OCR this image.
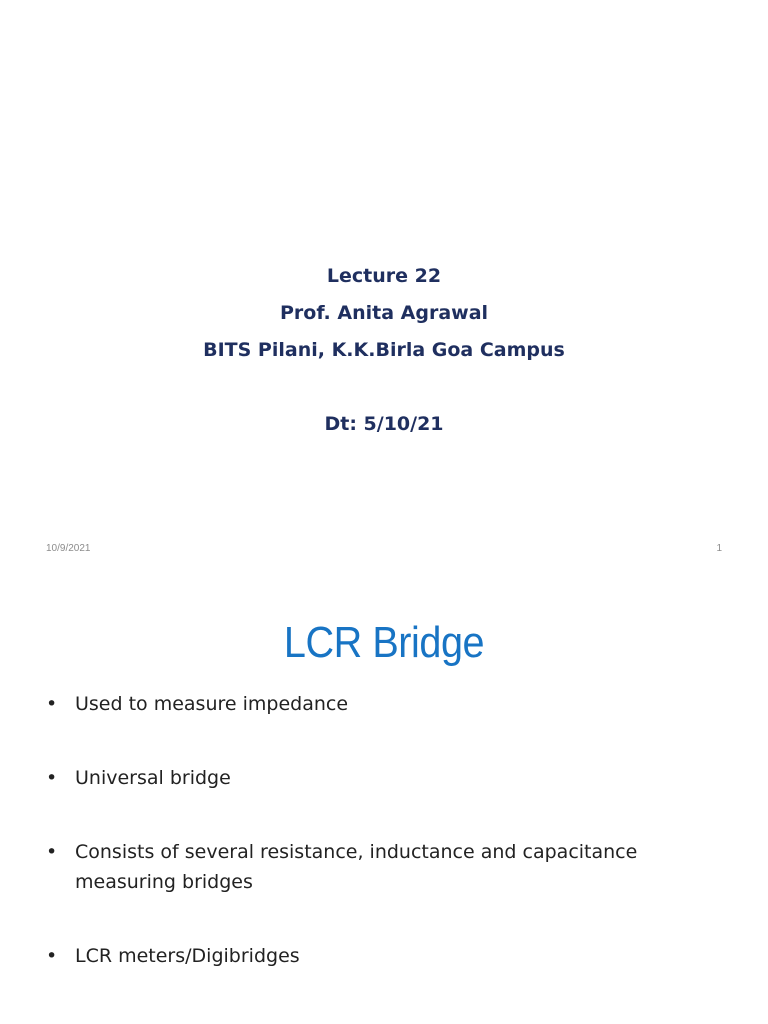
Lecture 22
Prof. Anita Agrawal
BITS Pilani, K.K.Birla Goa Campus
Dt: 5/10/21
10/9/2021	1
LCR Bridge
• Used to measure impedance
• Universal bridge
• Consists of several resistance, inductance and capacitance measuring bridges
• LCR meters/Digibridges
